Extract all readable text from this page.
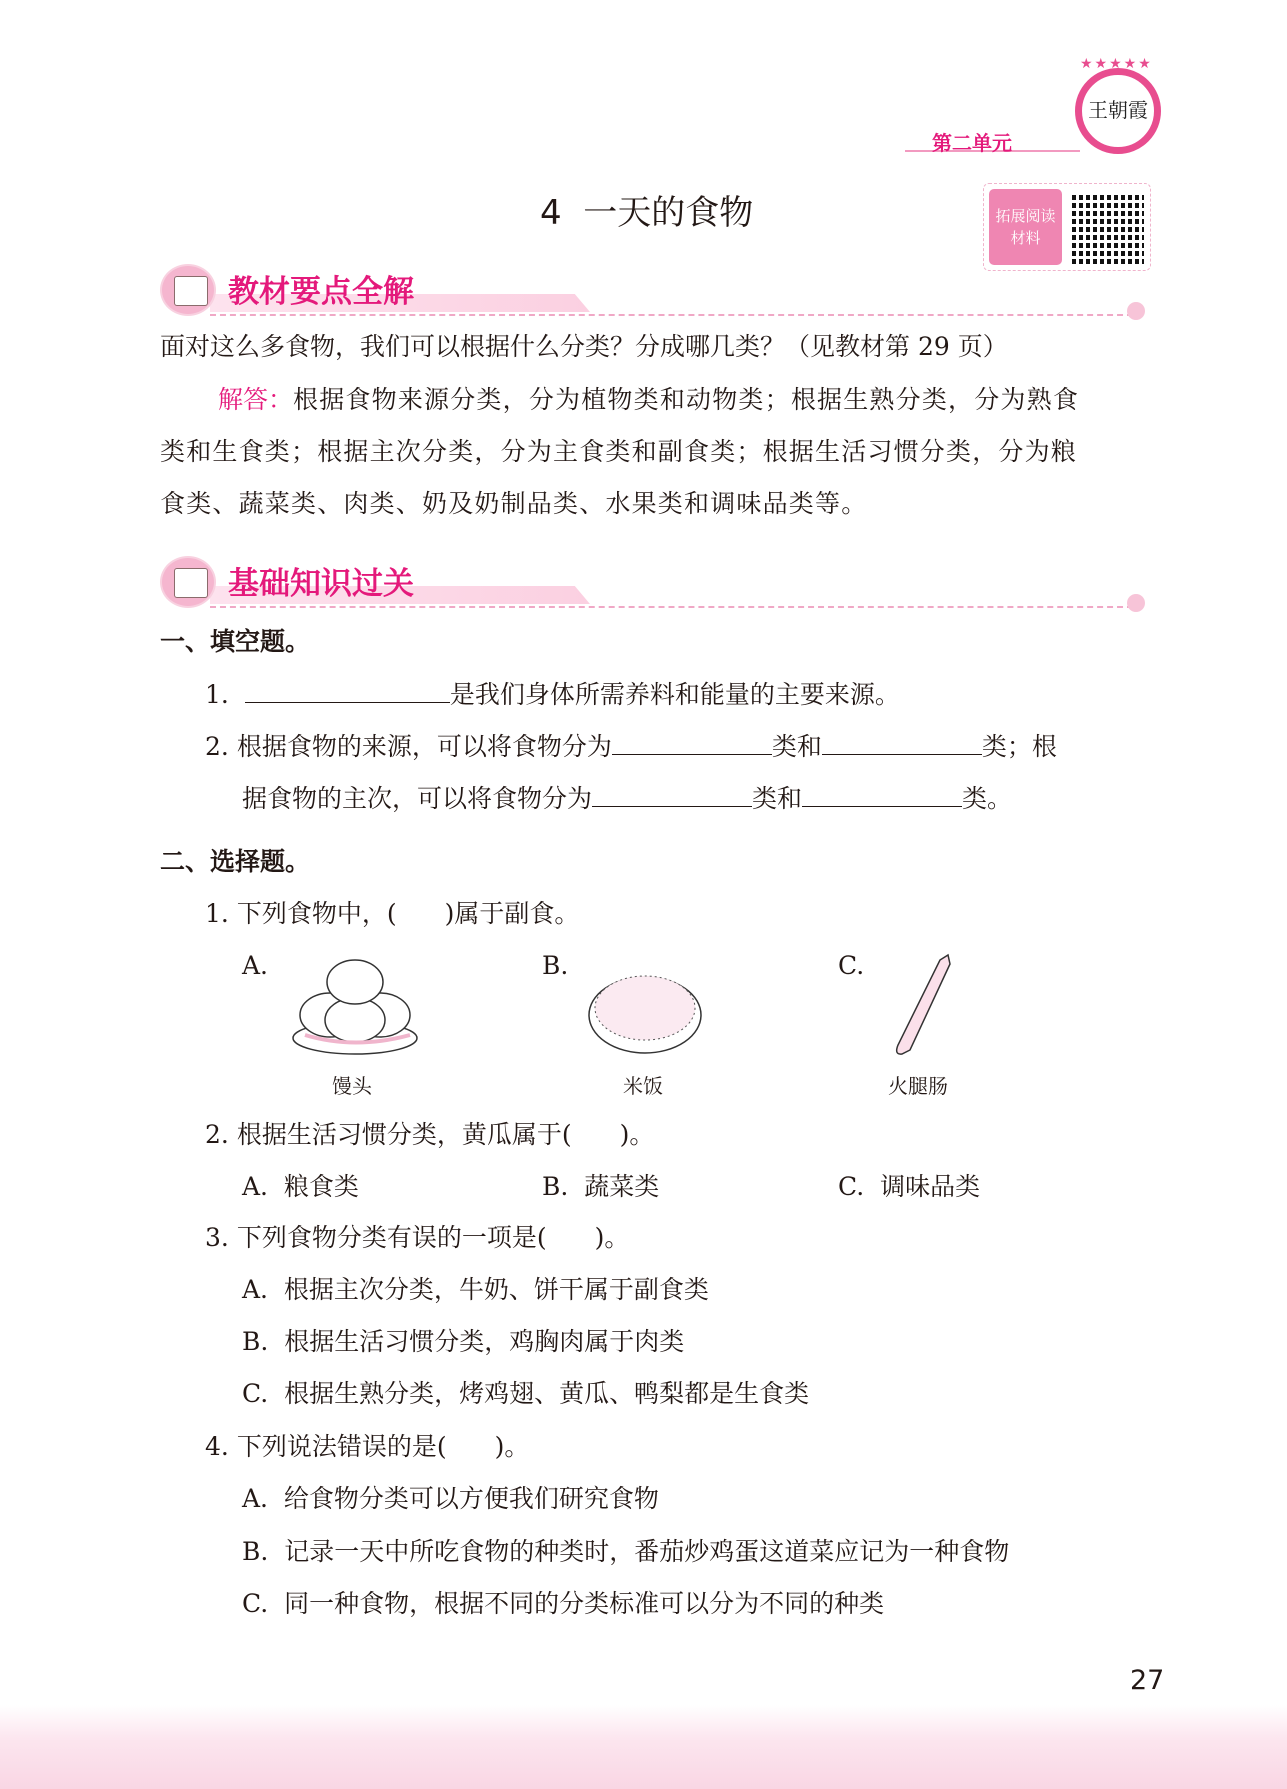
第二单元
王朝霞
★★★★★
4  一天的食物	拓展阅读
材料
教材要点全解
面对这么多食物，我们可以根据什么分类？分成哪几类？（见教材第 29 页）
解答：根据食物来源分类，分为植物类和动物类；根据生熟分类，分为熟食
类和生食类；根据主次分类，分为主食类和副食类；根据生活习惯分类，分为粮
食类、蔬菜类、肉类、奶及奶制品类、水果类和调味品类等。
基础知识过关
一、填空题。
1.	是我们身体所需养料和能量的主要来源。
2. 根据食物的来源，可以将食物分为	类和	类；根
据食物的主次，可以将食物分为	类和	类。
二、选择题。
1. 下列食物中，( )属于副食。
A.	B.	C.
馒头	米饭	火腿肠
2. 根据生活习惯分类，黄瓜属于( )。
A.  粮食类	B.  蔬菜类	C.  调味品类
3. 下列食物分类有误的一项是( )。
A.  根据主次分类，牛奶、饼干属于副食类
B.  根据生活习惯分类，鸡胸肉属于肉类
C.  根据生熟分类，烤鸡翅、黄瓜、鸭梨都是生食类
4. 下列说法错误的是( )。
A.  给食物分类可以方便我们研究食物
B.  记录一天中所吃食物的种类时，番茄炒鸡蛋这道菜应记为一种食物
C.  同一种食物，根据不同的分类标准可以分为不同的种类
27
